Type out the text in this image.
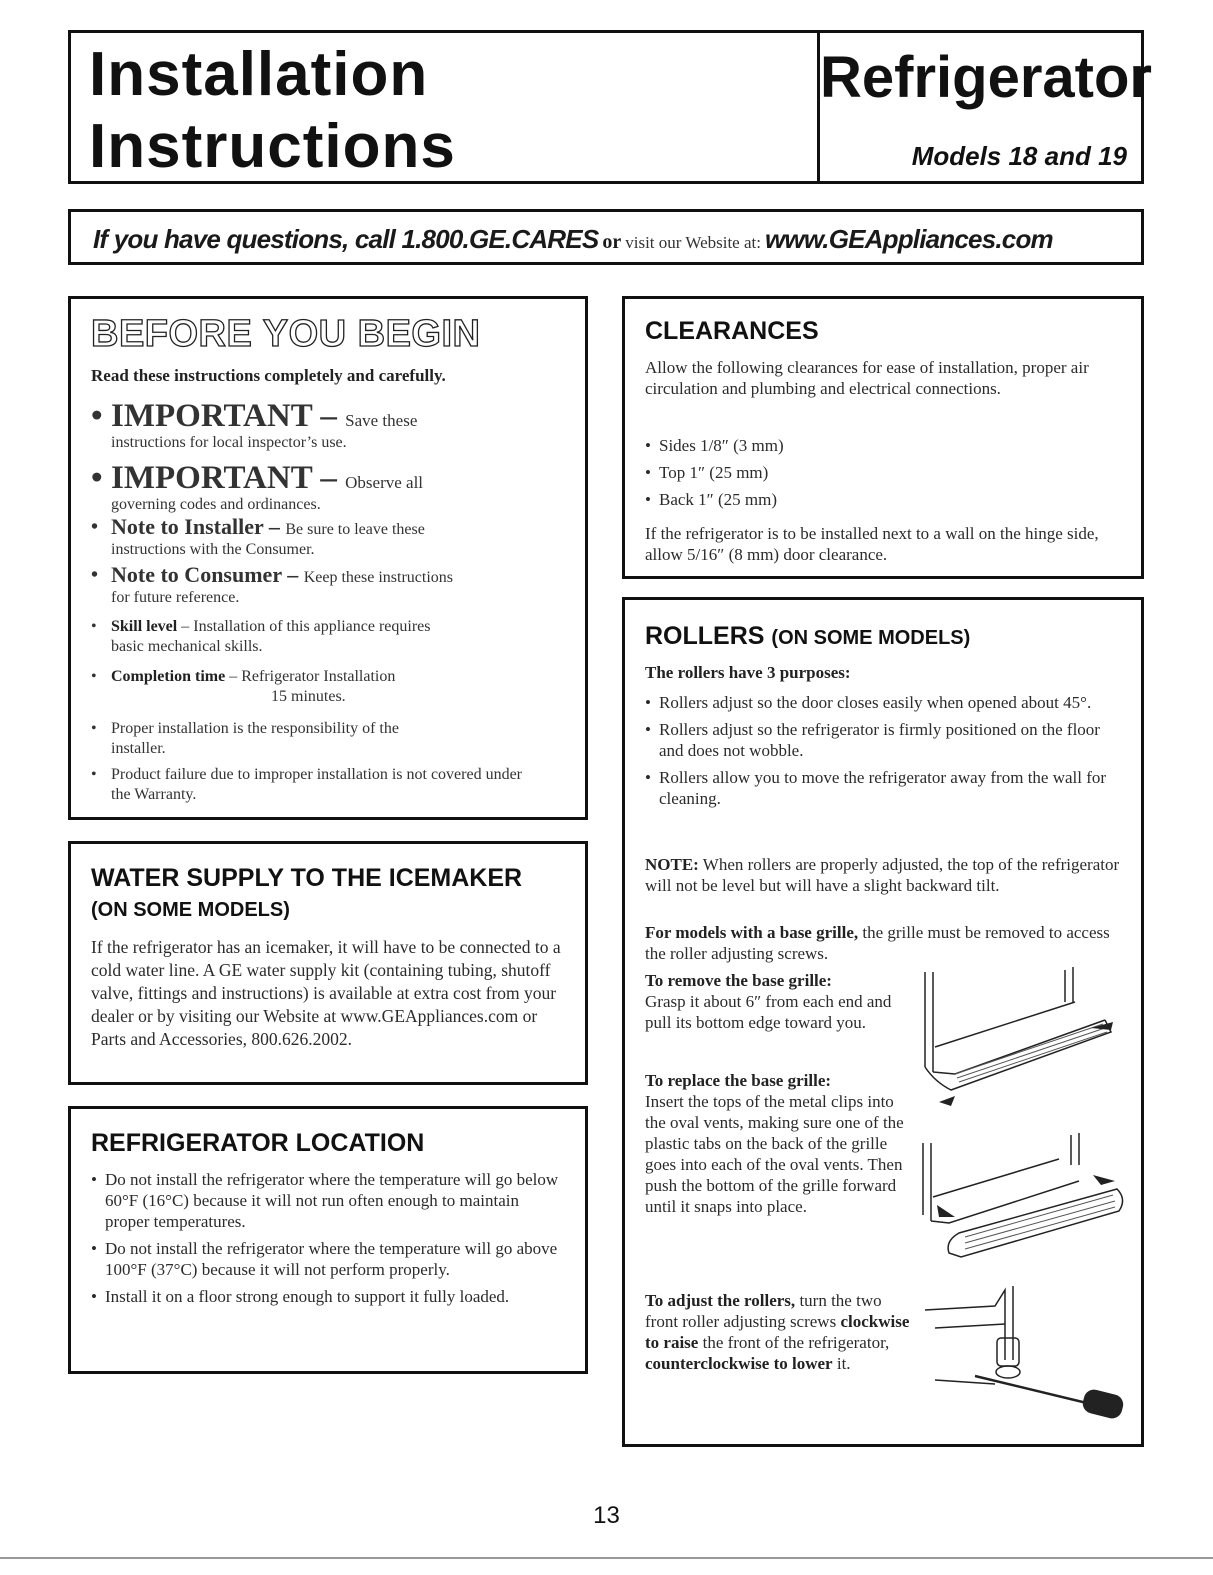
Installation
Instructions
Refrigerator
Models 18 and 19
If you have questions, call 1.800.GE.CARES or visit our Website at: www.GEAppliances.com
BEFORE YOU BEGIN
Read these instructions completely and carefully.
• IMPORTANT – Save these
instructions for local inspector’s use.
• IMPORTANT – Observe all
governing codes and ordinances.
• Note to Installer – Be sure to leave these
instructions with the Consumer.
• Note to Consumer – Keep these instructions
for future reference.
• Skill level – Installation of this appliance requires
basic mechanical skills.
• Completion time – Refrigerator Installation
15 minutes.
• Proper installation is the responsibility of the installer.
• Product failure due to improper installation is not covered under the Warranty.
WATER SUPPLY TO THE ICEMAKER
(ON SOME MODELS)
If the refrigerator has an icemaker, it will have to be connected to a cold water line. A GE water supply kit (containing tubing, shutoff valve, fittings and instructions) is available at extra cost from your dealer or by visiting our Website at www.GEAppliances.com or Parts and Accessories, 800.626.2002.
REFRIGERATOR LOCATION
• Do not install the refrigerator where the temperature will go below 60°F (16°C) because it will not run often enough to maintain proper temperatures.
• Do not install the refrigerator where the temperature will go above 100°F (37°C) because it will not perform properly.
• Install it on a floor strong enough to support it fully loaded.
CLEARANCES
Allow the following clearances for ease of installation, proper air circulation and plumbing and electrical connections.
• Sides 1/8″ (3 mm)
• Top 1″ (25 mm)
• Back 1″ (25 mm)
If the refrigerator is to be installed next to a wall on the hinge side, allow 5/16″ (8 mm) door clearance.
ROLLERS (ON SOME MODELS)
The rollers have 3 purposes:
• Rollers adjust so the door closes easily when opened about 45°.
• Rollers adjust so the refrigerator is firmly positioned on the floor and does not wobble.
• Rollers allow you to move the refrigerator away from the wall for cleaning.
NOTE: When rollers are properly adjusted, the top of the refrigerator will not be level but will have a slight backward tilt.
For models with a base grille, the grille must be removed to access the roller adjusting screws.
To remove the base grille:
Grasp it about 6″ from each end and pull its bottom edge toward you.
To replace the base grille:
Insert the tops of the metal clips into the oval vents, making sure one of the plastic tabs on the back of the grille goes into each of the oval vents. Then push the bottom of the grille forward until it snaps into place.
To adjust the rollers, turn the two front roller adjusting screws clockwise to raise the front of the refrigerator, counterclockwise to lower it.
13
